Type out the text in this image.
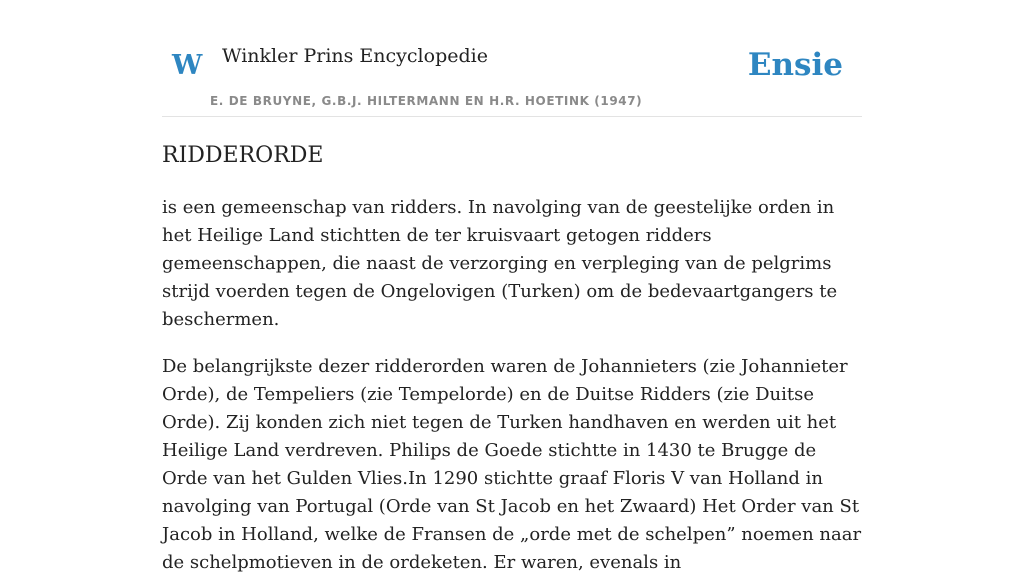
W Winkler Prins Encyclopedie
E. DE BRUYNE, G.B.J. HILTERMANN EN H.R. HOETINK (1947)
Ensie
RIDDERORDE

is een gemeenschap van ridders. In navolging van de geestelijke orden in het Heilige Land stichtten de ter kruisvaart getogen ridders gemeenschappen, die naast de verzorging en verpleging van de pelgrims strijd voerden tegen de Ongelovigen (Turken) om de bedevaartgangers te beschermen.

De belangrijkste dezer ridderorden waren de Johannieters (zie Johannieter Orde), de Tempeliers (zie Tempelorde) en de Duitse Ridders (zie Duitse Orde). Zij konden zich niet tegen de Turken handhaven en werden uit het Heilige Land verdreven. Philips de Goede stichtte in 1430 te Brugge de Orde van het Gulden Vlies.In 1290 stichtte graaf Floris V van Holland in navolging van Portugal (Orde van St Jacob en het Zwaard) Het Order van St Jacob in Holland, welke de Fransen de „orde met de schelpen” noemen naar de schelpmotieven in de ordeketen. Er waren, evenals in
